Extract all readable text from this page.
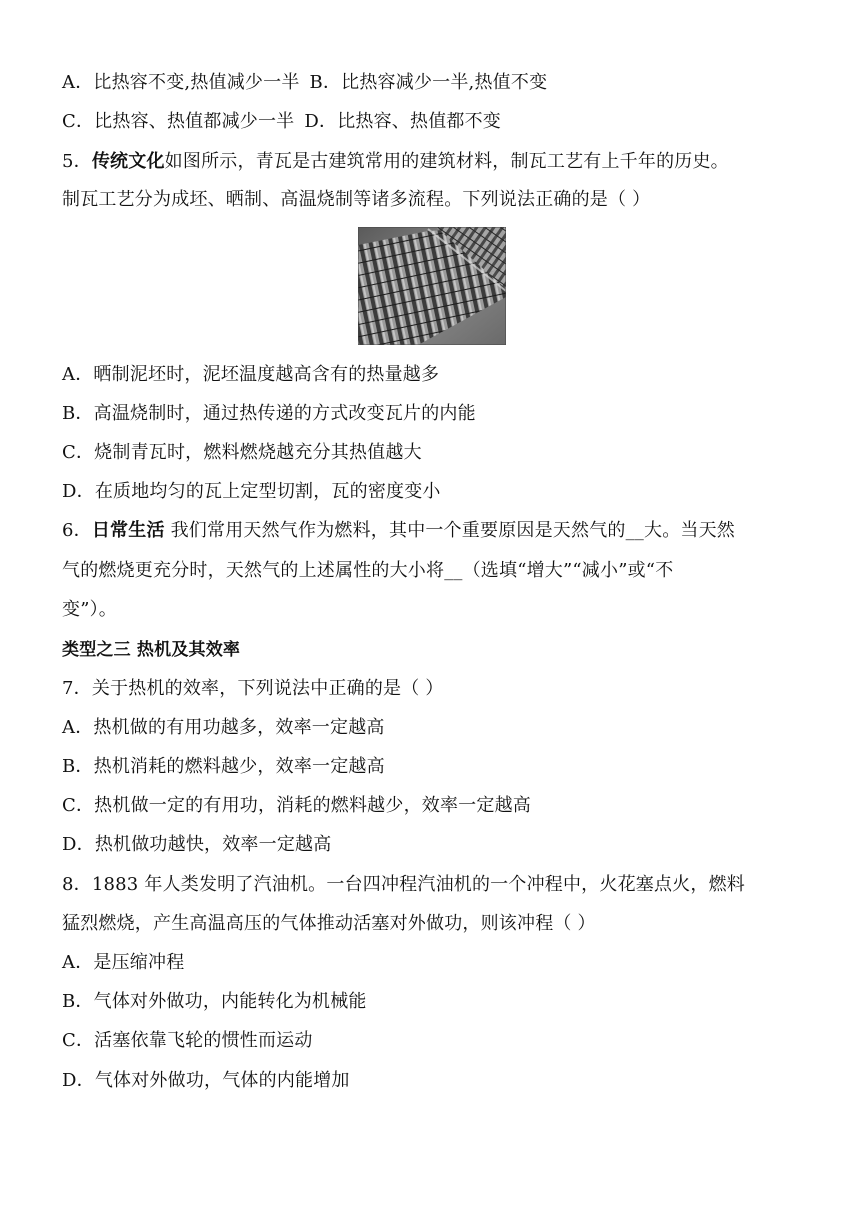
A．比热容不变,热值减少一半 B．比热容减少一半,热值不变
C．比热容、热值都减少一半 D．比热容、热值都不变
5．传统文化如图所示，青瓦是古建筑常用的建筑材料，制瓦工艺有上千年的历史。
制瓦工艺分为成坯、晒制、高温烧制等诸多流程。下列说法正确的是（ ）
A．晒制泥坯时，泥坯温度越高含有的热量越多
B．高温烧制时，通过热传递的方式改变瓦片的内能
C．烧制青瓦时，燃料燃烧越充分其热值越大
D．在质地均匀的瓦上定型切割，瓦的密度变小
6．日常生活 我们常用天然气作为燃料，其中一个重要原因是天然气的__大。当天然
气的燃烧更充分时，天然气的上述属性的大小将__（选填“增大”“减小”或“不
变”）。
类型之三 热机及其效率
7．关于热机的效率，下列说法中正确的是（ ）
A．热机做的有用功越多，效率一定越高
B．热机消耗的燃料越少，效率一定越高
C．热机做一定的有用功，消耗的燃料越少，效率一定越高
D．热机做功越快，效率一定越高
8．1883 年人类发明了汽油机。一台四冲程汽油机的一个冲程中，火花塞点火，燃料
猛烈燃烧，产生高温高压的气体推动活塞对外做功，则该冲程（ ）
A．是压缩冲程
B．气体对外做功，内能转化为机械能
C．活塞依靠飞轮的惯性而运动
D．气体对外做功，气体的内能增加
